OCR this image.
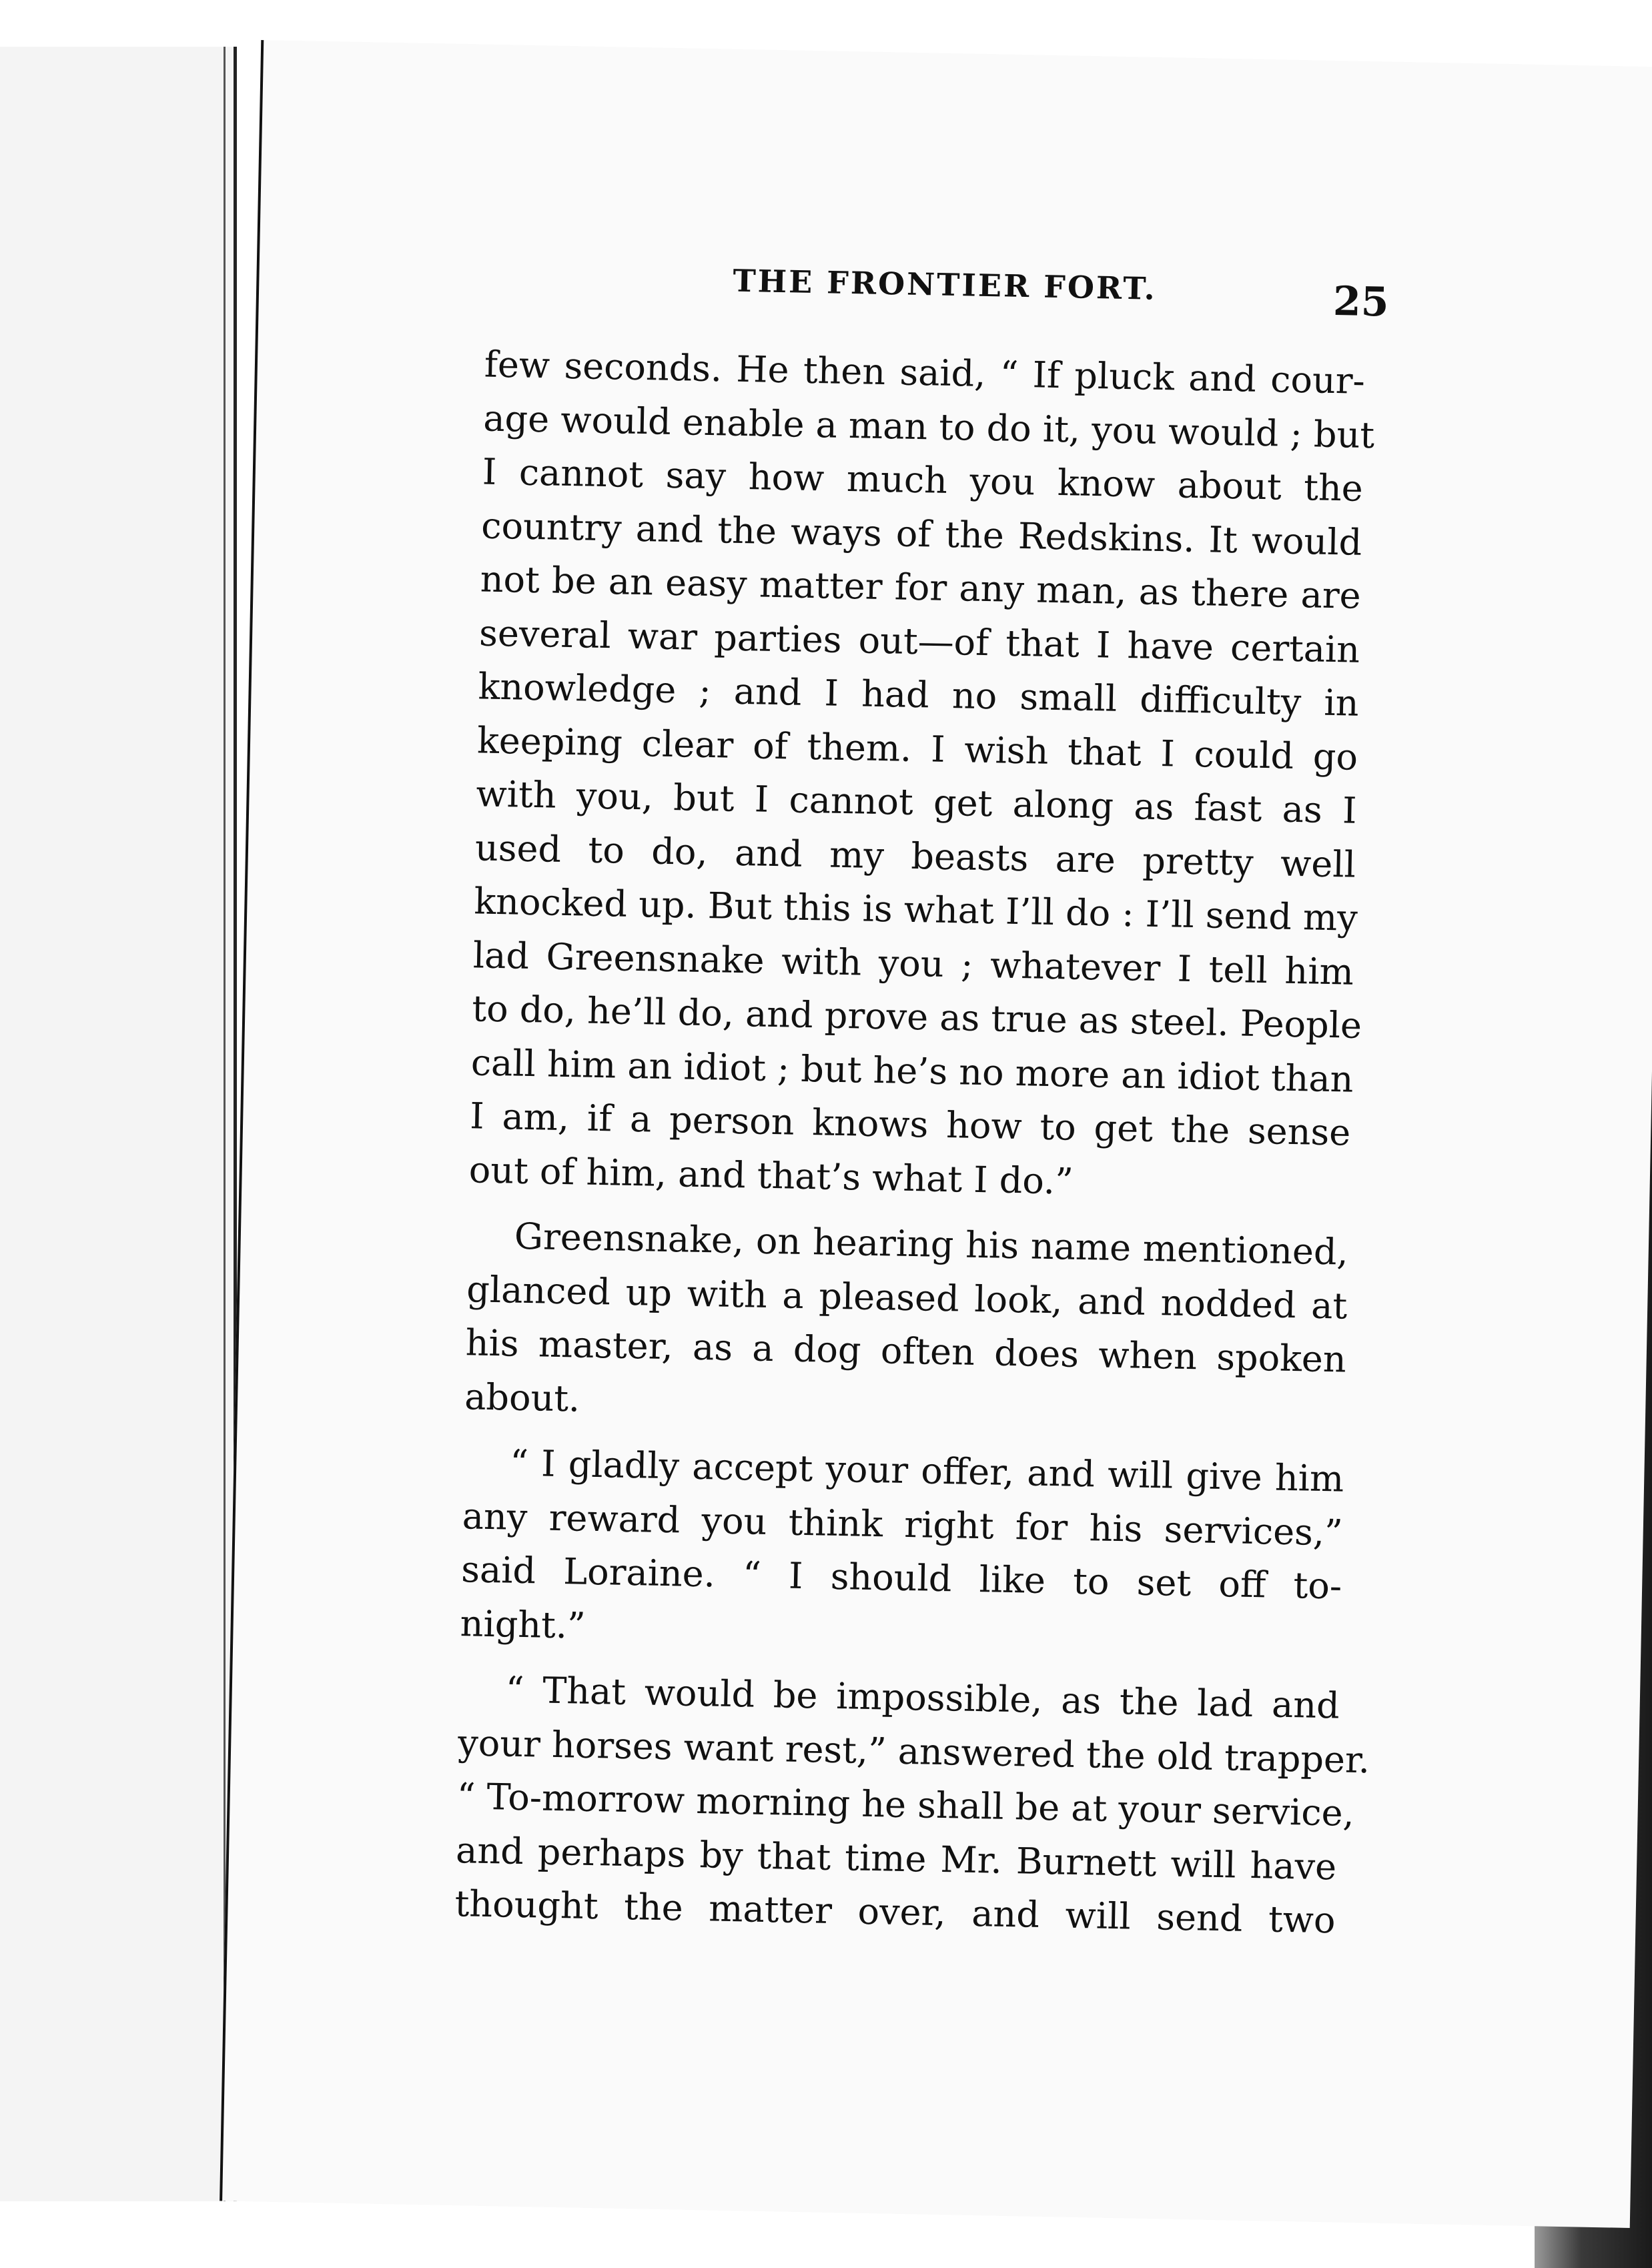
THE FRONTIER FORT.	25

few seconds. He then said, “ If pluck and cour-
age would enable a man to do it, you would ; but
I cannot say how much you know about the
country and the ways of the Redskins. It would
not be an easy matter for any man, as there are
several war parties out—of that I have certain
knowledge ; and I had no small difficulty in
keeping clear of them. I wish that I could go
with you, but I cannot get along as fast as I
used to do, and my beasts are pretty well
knocked up. But this is what I’ll do : I’ll send my
lad Greensnake with you ; whatever I tell him
to do, he’ll do, and prove as true as steel. People
call him an idiot ; but he’s no more an idiot than
I am, if a person knows how to get the sense
out of him, and that’s what I do.”

Greensnake, on hearing his name mentioned,
glanced up with a pleased look, and nodded at
his master, as a dog often does when spoken
about.

“ I gladly accept your offer, and will give him
any reward you think right for his services,”
said Loraine. “ I should like to set off to-
night.”

“ That would be impossible, as the lad and
your horses want rest,” answered the old trapper.
“ To-morrow morning he shall be at your service,
and perhaps by that time Mr. Burnett will have
thought the matter over, and will send two
